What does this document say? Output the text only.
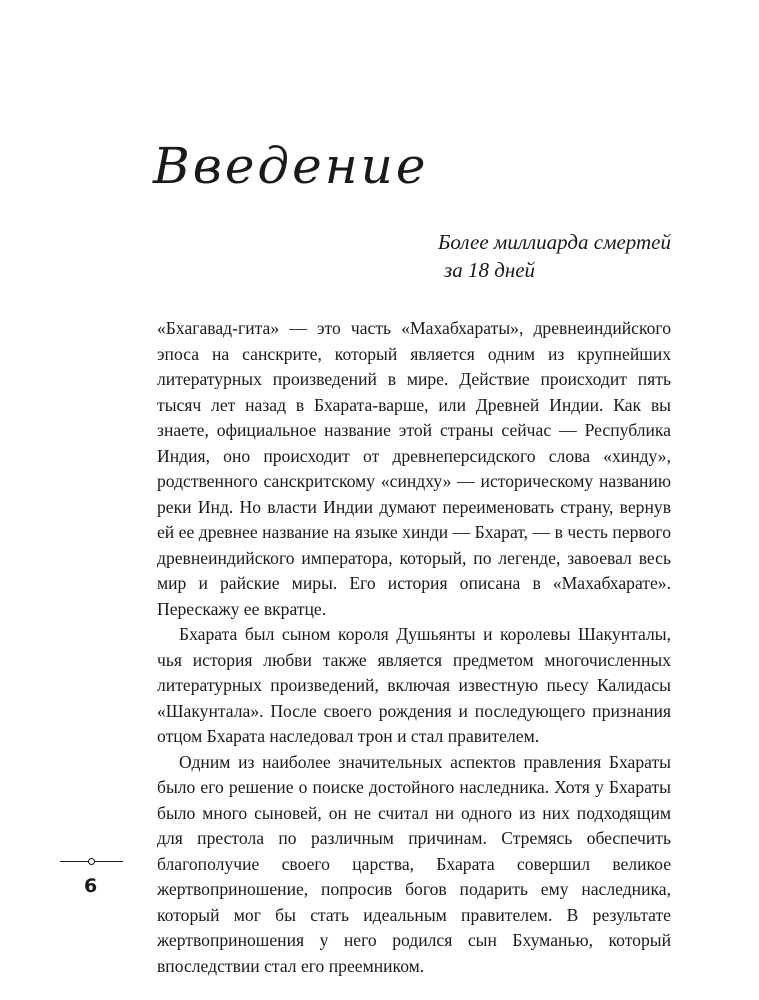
Введение
Более миллиарда смертей
за 18 дней

«Бхагавад-гита» — это часть «Махабхараты», древнеиндийского эпоса на санскрите, который является одним из крупнейших литературных произведений в мире. Действие происходит пять тысяч лет назад в Бхарата-варше, или Древней Индии. Как вы знаете, официальное название этой страны сейчас — Республика Индия, оно происходит от древнеперсидского слова «хинду», родственного санскритскому «синдху» — историческому названию реки Инд. Но власти Индии думают переименовать страну, вернув ей ее древнее название на языке хинди — Бхарат, — в честь первого древнеиндийского императора, который, по легенде, завоевал весь мир и райские миры. Его история описана в «Махабхарате». Перескажу ее вкратце.

Бхарата был сыном короля Душьянты и королевы Шакунталы, чья история любви также является предметом многочисленных литературных произведений, включая известную пьесу Калидасы «Шакунтала». После своего рождения и последующего признания отцом Бхарата наследовал трон и стал правителем.

Одним из наиболее значительных аспектов правления Бхараты было его решение о поиске достойного наследника. Хотя у Бхараты было много сыновей, он не считал ни одного из них подходящим для престола по различным причинам. Стремясь обеспечить благополучие своего царства, Бхарата совершил великое жертвоприношение, попросив богов подарить ему наследника, который мог бы стать идеальным правителем. В результате жертвоприношения у него родился сын Бхуманью, который впоследствии стал его преемником.

6
